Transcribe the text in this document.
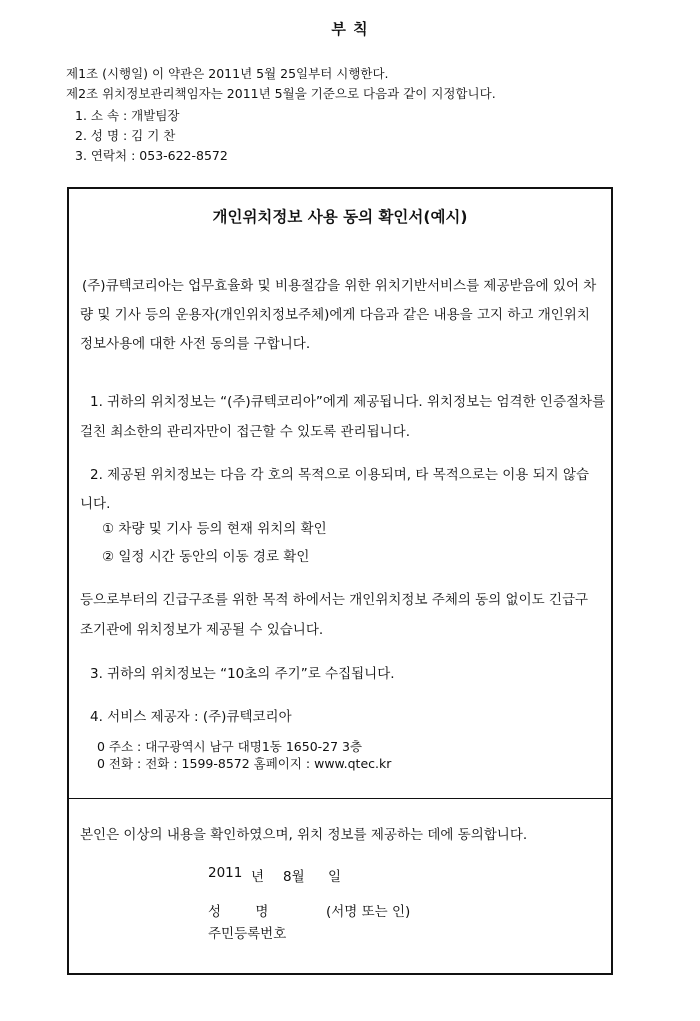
부 칙
제1조 (시행일) 이 약관은 2011년 5월 25일부터 시행한다.
제2조 위치정보관리책임자는 2011년 5월을 기준으로 다음과 같이 지정합니다.
1. 소 속 : 개발팀장
2. 성 명 : 김 기 찬
3. 연락처 : 053-622-8572
개인위치정보 사용 동의 확인서(예시)
(주)큐텍코리아는 업무효율화 및 비용절감을 위한 위치기반서비스를 제공받음에 있어 차
량 및 기사 등의 운용자(개인위치정보주체)에게 다음과 같은 내용을 고지 하고 개인위치
정보사용에 대한 사전 동의를 구합니다.
1. 귀하의 위치정보는 “(주)큐텍코리아”에게 제공됩니다. 위치정보는 엄격한 인증절차를
걸친 최소한의 관리자만이 접근할 수 있도록 관리됩니다.
2. 제공된 위치정보는 다음 각 호의 목적으로 이용되며, 타 목적으로는 이용 되지 않습
니다.
① 차량 및 기사 등의 현재 위치의 확인
② 일정 시간 동안의 이동 경로 확인
등으로부터의 긴급구조를 위한 목적 하에서는 개인위치정보 주체의 동의 없이도 긴급구
조기관에 위치정보가 제공될 수 있습니다.
3. 귀하의 위치정보는 “10초의 주기”로 수집됩니다.
4. 서비스 제공자 : (주)큐텍코리아
0 주소 : 대구광역시 남구 대명1동 1650-27 3층
0 전화 : 전화 : 1599-8572 홈페이지 : www.qtec.kr
본인은 이상의 내용을 확인하였으며, 위치 정보를 제공하는 데에 동의합니다.
2011 년 8월 일
성        명	(서명 또는 인)
주민등록번호
